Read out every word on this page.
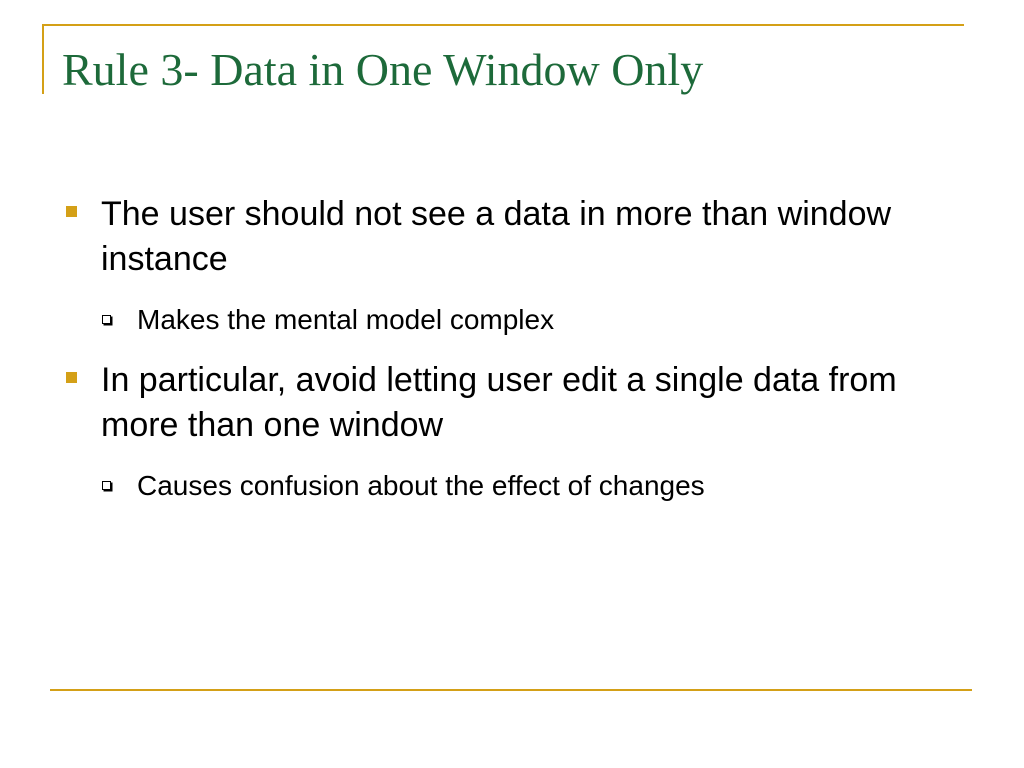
Rule 3- Data in One Window Only
The user should not see a data in more than window instance
Makes the mental model complex
In particular, avoid letting user edit a single data from more than one window
Causes confusion about the effect of changes
